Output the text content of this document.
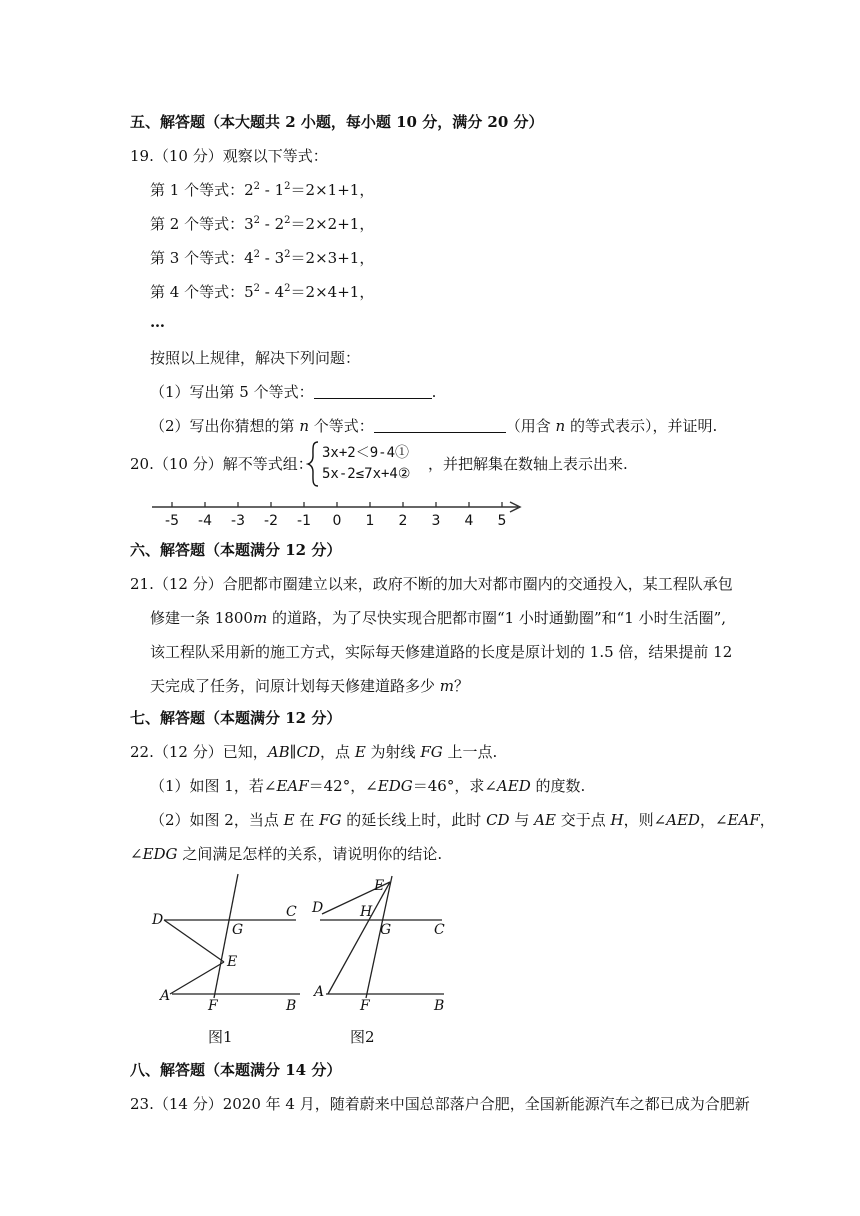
五、解答题（本大题共 2 小题，每小题 10 分，满分 20 分）
19.（10 分）观察以下等式：
第 1 个等式：$2^2 - 1^2=2\times 1+1$，
第 2 个等式：$3^2 - 2^2=2\times 2+1$，
第 3 个等式：$4^2 - 3^2=2\times 3+1$，
第 4 个等式：$5^2 - 4^2=2\times 4+1$，
…
按照以上规律，解决下列问题：
（1）写出第 5 个等式：	.
（2）写出你猜想的第 n 个等式：	（用含 n 的等式表示），并证明.
20.（10 分）解不等式组：
3x+2＜9-4①
5x-2≤7x+4②
，并把解集在数轴上表示出来.
-5 -4 -3 -2 -1 0 1 2 3 4 5
六、解答题（本题满分 12 分）
21.（12 分）合肥都市圈建立以来，政府不断的加大对都市圈内的交通投入，某工程队承包
修建一条 1800m 的道路，为了尽快实现合肥都市圈“1 小时通勤圈”和“1 小时生活圈”,
该工程队采用新的施工方式，实际每天修建道路的长度是原计划的 1.5 倍，结果提前 12
天完成了任务，问原计划每天修建道路多少 m？
七、解答题（本题满分 12 分）
22.（12 分）已知，AB∥CD，点 E 为射线 FG 上一点.
（1）如图 1，若∠EAF＝42°，∠EDG＝46°，求∠AED 的度数.
（2）如图 2，当点 E 在 FG 的延长线上时，此时 CD 与 AE 交于点 H，则∠AED，∠EAF，
∠EDG 之间满足怎样的关系，请说明你的结论.
D	C
G
E
A
F	B
图1
E
D	H
G	C
A
F	B
图2
八、解答题（本题满分 14 分）
23.（14 分）2020 年 4 月，随着蔚来中国总部落户合肥，全国新能源汽车之都已成为合肥新
